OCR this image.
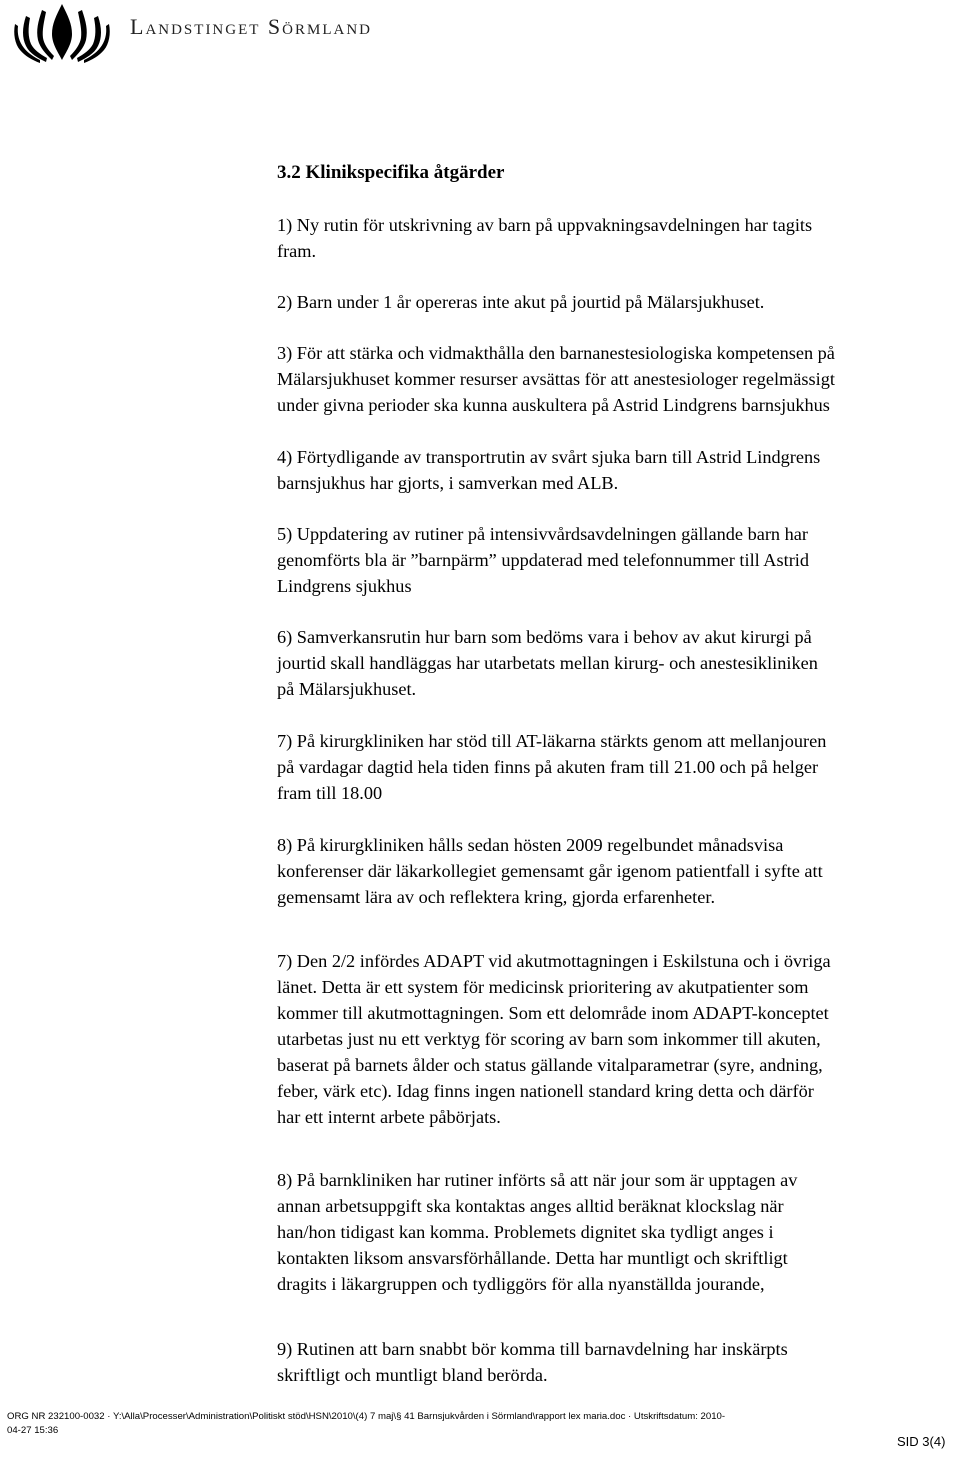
Landstinget Sörmland
3.2 Klinikspecifika åtgärder
1) Ny rutin för utskrivning av barn på uppvakningsavdelningen har tagits
fram.
2) Barn under 1 år opereras inte akut på jourtid på Mälarsjukhuset.
3) För att stärka och vidmakthålla den barnanestesiologiska kompetensen på
Mälarsjukhuset kommer resurser avsättas för att anestesiologer regelmässigt
under givna perioder ska kunna auskultera på Astrid Lindgrens barnsjukhus
4) Förtydligande av transportrutin av svårt sjuka barn till Astrid Lindgrens
barnsjukhus har gjorts, i samverkan med ALB.
5) Uppdatering av rutiner på intensivvårdsavdelningen gällande barn har
genomförts bla är ”barnpärm” uppdaterad med telefonnummer till Astrid
Lindgrens sjukhus
6) Samverkansrutin hur barn som bedöms vara i behov av akut kirurgi på
jourtid skall handläggas har utarbetats mellan kirurg- och anestesikliniken
på Mälarsjukhuset.
7) På kirurgkliniken har stöd till AT-läkarna stärkts genom att mellanjouren
på vardagar dagtid hela tiden finns på akuten fram till 21.00 och på helger
fram till 18.00
8) På kirurgkliniken hålls sedan hösten 2009 regelbundet månadsvisa
konferenser där läkarkollegiet gemensamt går igenom patientfall i syfte att
gemensamt lära av och reflektera kring, gjorda erfarenheter.
7) Den 2/2 infördes ADAPT vid akutmottagningen i Eskilstuna och i övriga
länet. Detta är ett system för medicinsk prioritering av akutpatienter som
kommer till akutmottagningen. Som ett delområde inom ADAPT-konceptet
utarbetas just nu ett verktyg för scoring av barn som inkommer till akuten,
baserat på barnets ålder och status gällande vitalparametrar (syre, andning,
feber, värk etc). Idag finns ingen nationell standard kring detta och därför
har ett internt arbete påbörjats.
8) På barnkliniken har rutiner införts så att när jour som är upptagen av
annan arbetsuppgift ska kontaktas anges alltid beräknat klockslag när
han/hon tidigast kan komma. Problemets dignitet ska tydligt anges i
kontakten liksom ansvarsförhållande. Detta har muntligt och skriftligt
dragits i läkargruppen och tydliggörs för alla nyanställda jourande,
9) Rutinen att barn snabbt bör komma till barnavdelning har inskärpts
skriftligt och muntligt bland berörda.
ORG NR 232100-0032 · Y:\Alla\Processer\Administration\Politiskt stöd\HSN\2010\(4) 7 maj\§ 41 Barnsjukvården i Sörmland\rapport lex maria.doc · Utskriftsdatum: 2010-
04-27 15:36
SID 3(4)
